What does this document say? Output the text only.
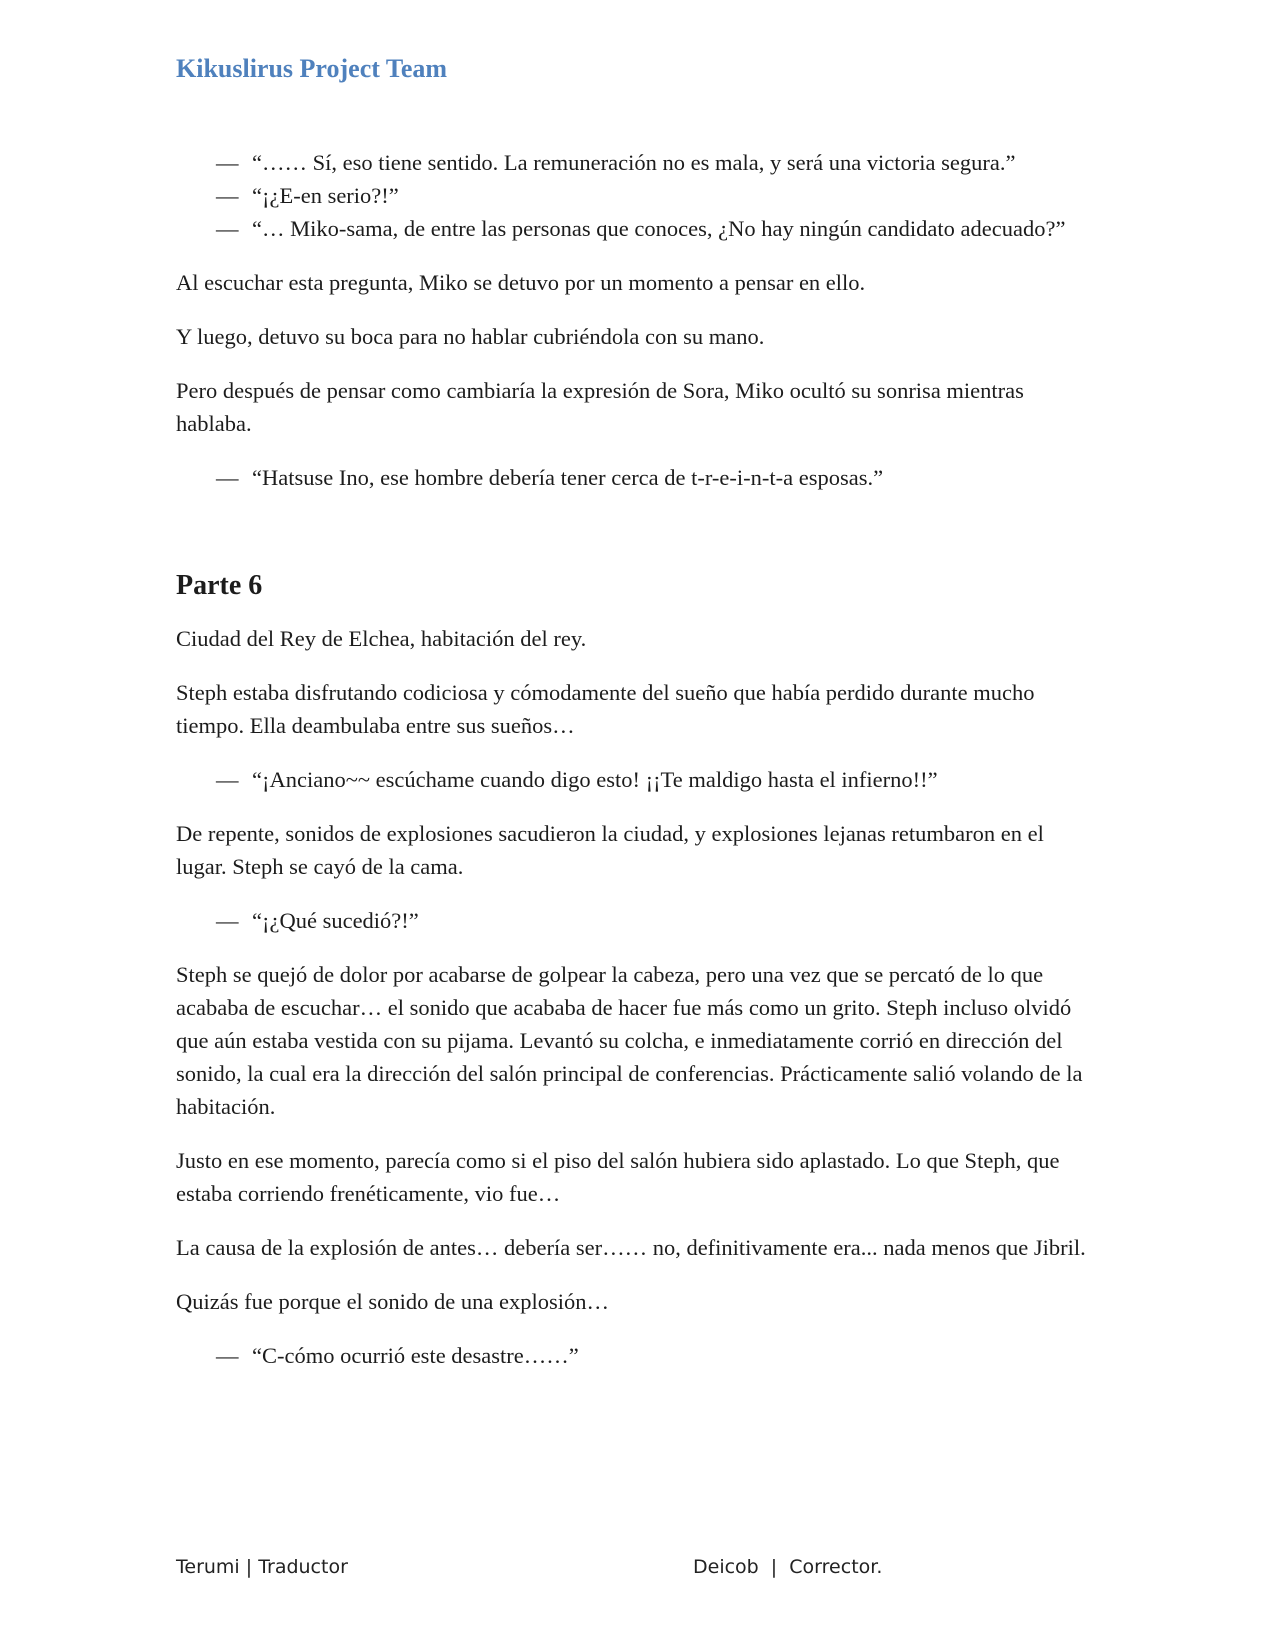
Kikuslirus Project Team
— “…… Sí, eso tiene sentido. La remuneración no es mala, y será una victoria segura.”
— “¡¿E-en serio?!”
— “… Miko-sama, de entre las personas que conoces, ¿No hay ningún candidato adecuado?”

Al escuchar esta pregunta, Miko se detuvo por un momento a pensar en ello.

Y luego, detuvo su boca para no hablar cubriéndola con su mano.

Pero después de pensar como cambiaría la expresión de Sora, Miko ocultó su sonrisa mientras hablaba.

— “Hatsuse Ino, ese hombre debería tener cerca de t-r-e-i-n-t-a esposas.”
Parte 6

Ciudad del Rey de Elchea, habitación del rey.

Steph estaba disfrutando codiciosa y cómodamente del sueño que había perdido durante mucho tiempo. Ella deambulaba entre sus sueños…

— “¡Anciano~~ escúchame cuando digo esto! ¡¡Te maldigo hasta el infierno!!”

De repente, sonidos de explosiones sacudieron la ciudad, y explosiones lejanas retumbaron en el lugar. Steph se cayó de la cama.

— “¡¿Qué sucedió?!”

Steph se quejó de dolor por acabarse de golpear la cabeza, pero una vez que se percató de lo que acababa de escuchar… el sonido que acababa de hacer fue más como un grito. Steph incluso olvidó que aún estaba vestida con su pijama. Levantó su colcha, e inmediatamente corrió en dirección del sonido, la cual era la dirección del salón principal de conferencias. Prácticamente salió volando de la habitación.

Justo en ese momento, parecía como si el piso del salón hubiera sido aplastado. Lo que Steph, que estaba corriendo frenéticamente, vio fue…

La causa de la explosión de antes… debería ser…… no, definitivamente era... nada menos que Jibril.

Quizás fue porque el sonido de una explosión…

— “C-cómo ocurrió este desastre……”
Terumi | Traductor	Deicob  |  Corrector.
